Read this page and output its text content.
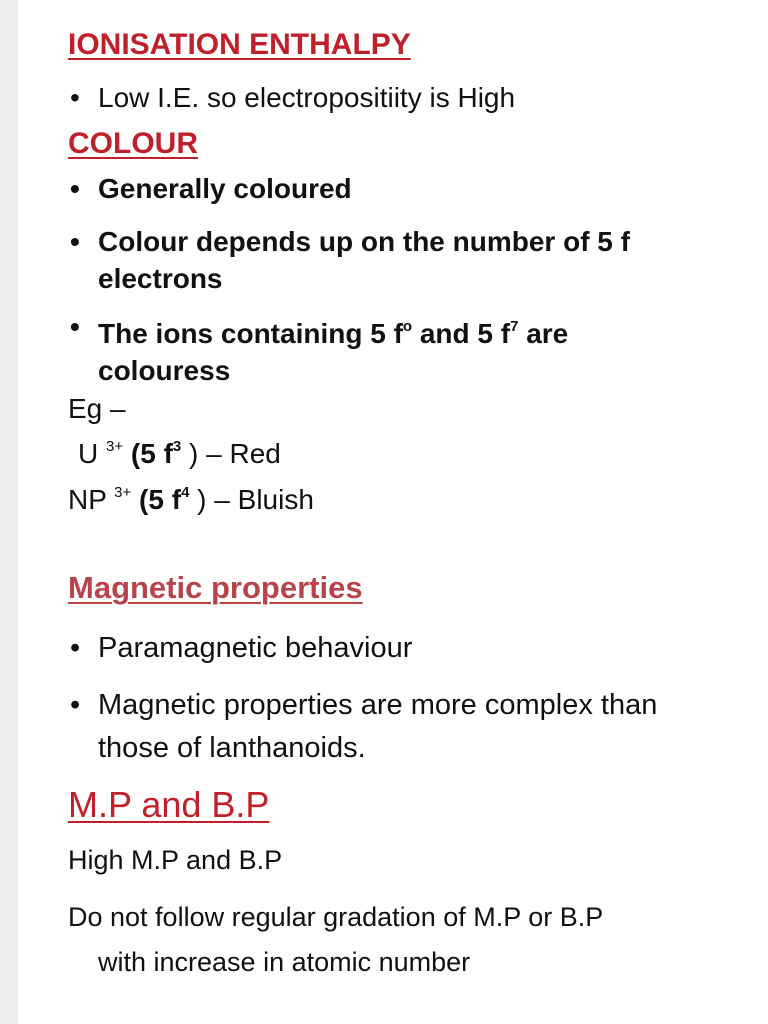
IONISATION ENTHALPY
• Low I.E. so electropositiity is High
COLOUR
• Generally coloured
• Colour depends up on the number of 5 f
electrons
• The ions containing 5 $f^o$ and 5 $f^7$ are
colouress
Eg –
U $^{3+}$ (5 $f^3$ ) – Red
NP $^{3+}$ (5 $f^4$ ) – Bluish
Magnetic properties
• Paramagnetic behaviour
• Magnetic properties are more complex than
those of lanthanoids.
M.P and B.P
High M.P and B.P
Do not follow regular gradation of M.P or B.P
with increase in atomic number
